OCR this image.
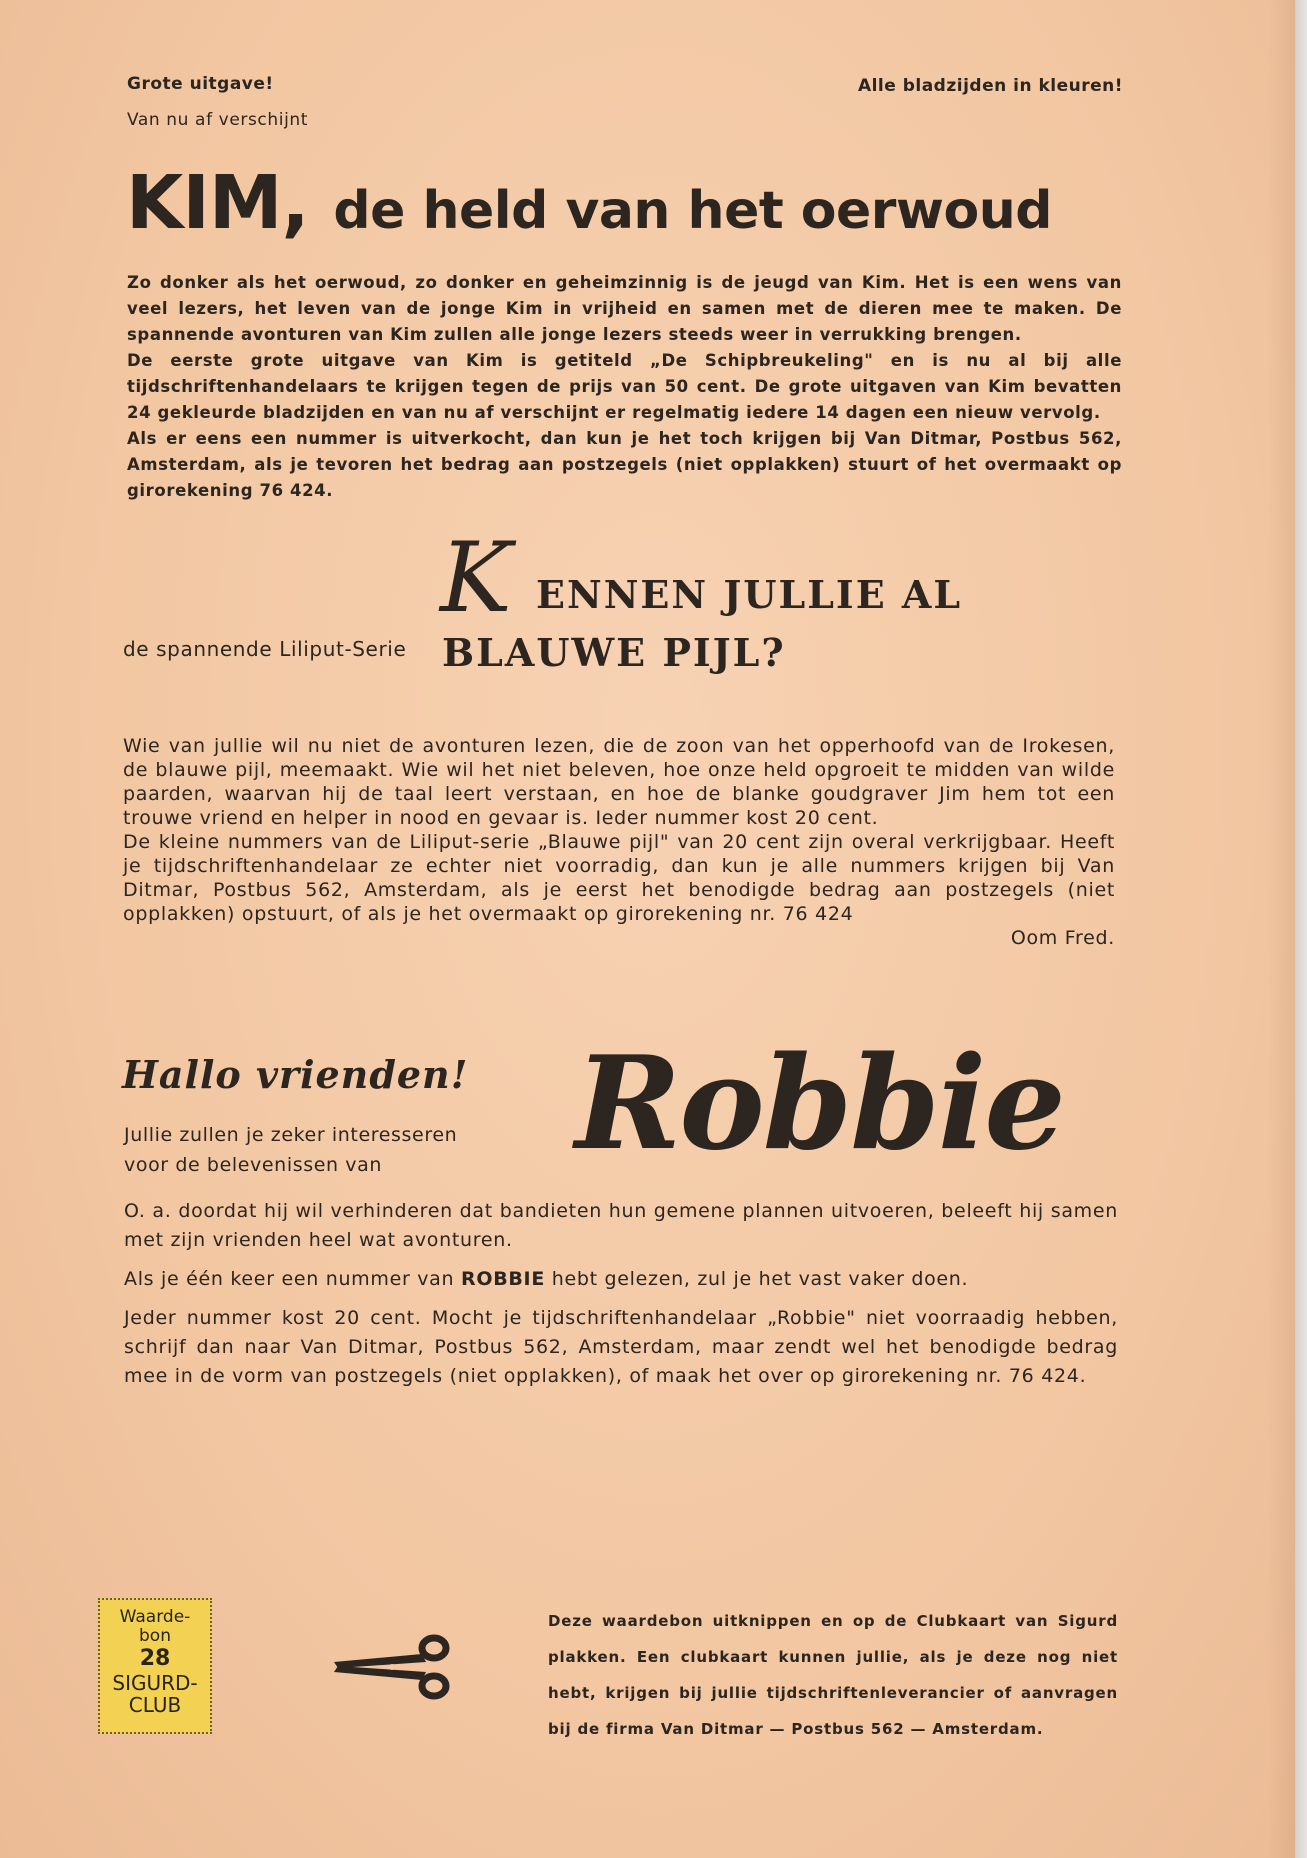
Grote uitgave!
Van nu af verschijnt
Alle bladzijden in kleuren!
KIM, de held van het oerwoud

Zo donker als het oerwoud, zo donker en geheimzinnig is de jeugd van Kim. Het is een wens van veel lezers, het leven van de jonge Kim in vrijheid en samen met de dieren mee te maken. De spannende avonturen van Kim zullen alle jonge lezers steeds weer in verrukking brengen.

De eerste grote uitgave van Kim is getiteld „De Schipbreukeling" en is nu al bij alle tijdschriftenhandelaars te krijgen tegen de prijs van 50 cent. De grote uitgaven van Kim bevatten 24 gekleurde bladzijden en van nu af verschijnt er regelmatig iedere 14 dagen een nieuw vervolg.

Als er eens een nummer is uitverkocht, dan kun je het toch krijgen bij Van Ditmar, Postbus 562, Amsterdam, als je tevoren het bedrag aan postzegels (niet opplakken) stuurt of het overmaakt op girorekening 76 424.

K ENNEN JULLIE AL
de spannende Liliput-Serie BLAUWE PIJL?

Wie van jullie wil nu niet de avonturen lezen, die de zoon van het opperhoofd van de Irokesen, de blauwe pijl, meemaakt. Wie wil het niet beleven, hoe onze held opgroeit te midden van wilde paarden, waarvan hij de taal leert verstaan, en hoe de blanke goudgraver Jim hem tot een trouwe vriend en helper in nood en gevaar is. Ieder nummer kost 20 cent.

De kleine nummers van de Liliput-serie „Blauwe pijl" van 20 cent zijn overal verkrijgbaar. Heeft je tijdschriftenhandelaar ze echter niet voorradig, dan kun je alle nummers krijgen bij Van Ditmar, Postbus 562, Amsterdam, als je eerst het benodigde bedrag aan postzegels (niet opplakken) opstuurt, of als je het overmaakt op girorekening nr. 76 424

Oom Fred.

Hallo vrienden!
Jullie zullen je zeker interesseren
voor de belevenissen van	Robbie

O. a. doordat hij wil verhinderen dat bandieten hun gemene plannen uitvoeren, beleeft hij samen met zijn vrienden heel wat avonturen.

Als je één keer een nummer van ROBBIE hebt gelezen, zul je het vast vaker doen.

Jeder nummer kost 20 cent. Mocht je tijdschriftenhandelaar „Robbie" niet voorraadig hebben, schrijf dan naar Van Ditmar, Postbus 562, Amsterdam, maar zendt wel het benodigde bedrag mee in de vorm van postzegels (niet opplakken), of maak het over op girorekening nr. 76 424.

Waarde-
bon
28
SIGURD-
CLUB
Deze waardebon uitknippen en op de Clubkaart van Sigurd plakken. Een clubkaart kunnen jullie, als je deze nog niet hebt, krijgen bij jullie tijdschriftenleverancier of aanvragen bij de firma Van Ditmar — Postbus 562 — Amsterdam.
